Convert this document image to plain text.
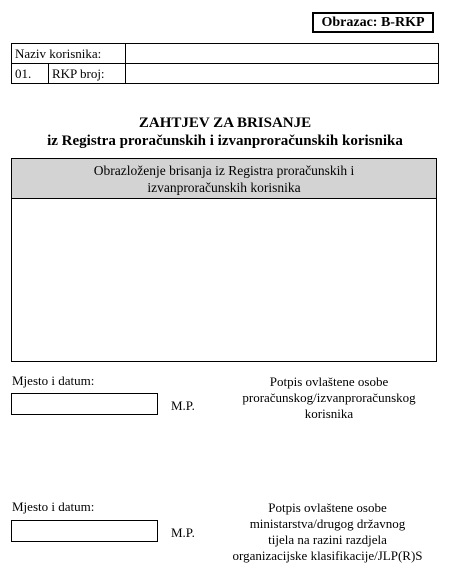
Obrazac: B-RKP
Naziv korisnika:		
01.	RKP broj:	
ZAHTJEV ZA BRISANJE
iz Registra proračunskih i izvanproračunskih korisnika
Obrazloženje brisanja iz Registra proračunskih i
izvanproračunskih korisnika
Mjesto i datum:
M.P.
Potpis ovlaštene osobe
proračunskog/izvanproračunskog
korisnika
Mjesto i datum:
M.P.
Potpis ovlaštene osobe
ministarstva/drugog državnog
tijela na razini razdjela
organizacijske klasifikacije/JLP(R)S
